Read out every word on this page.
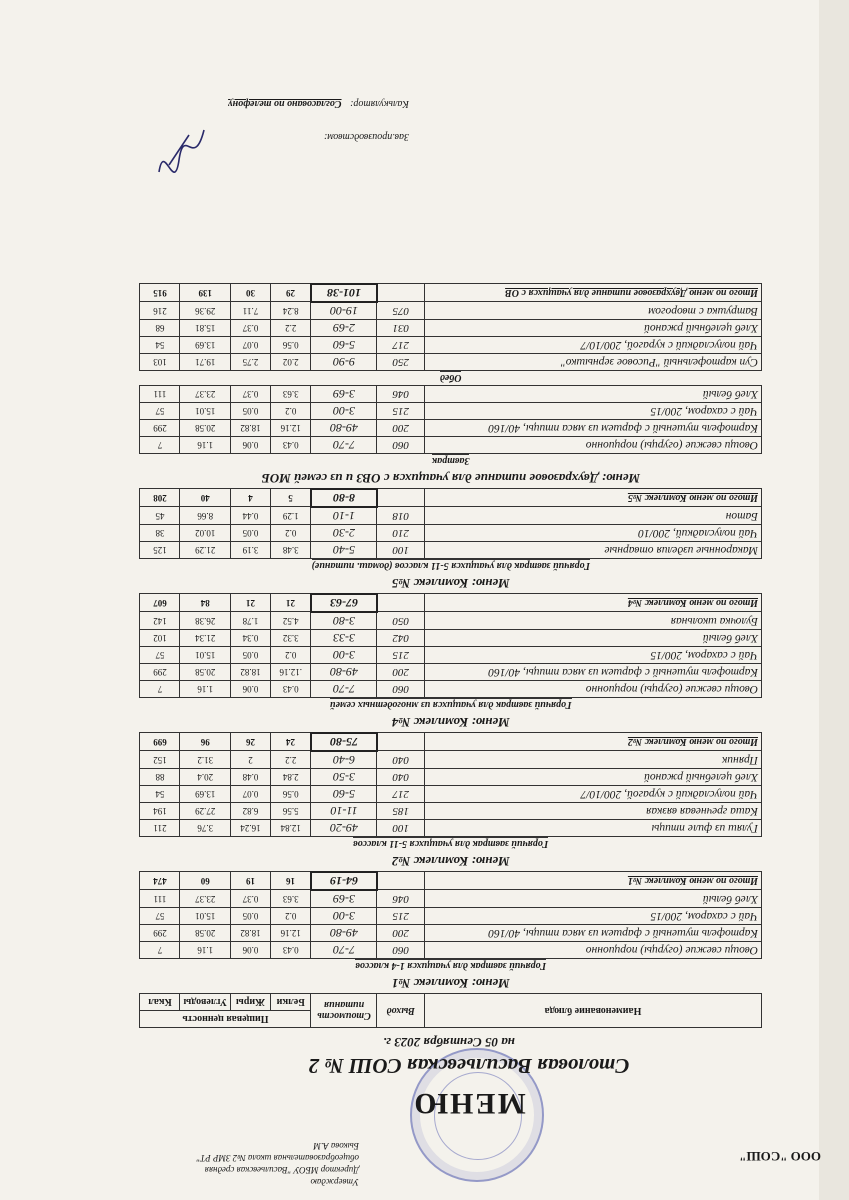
ООО "СОШ"
Утверждаю
Директор МБОУ "Васильевская средняя
общеобразовательная школа №2 ЗМР РТ"
Быкова А.М
МЕНЮ
Столовая Васильевская СОШ № 2
на 05 Сентября 2023 г.
Наименование блюда	Выход	Стоимость питания	Пищевая ценность			
			Белки	Жиры	Углеводы	Ккал
Меню: Комплекс №1						
Горячий завтрак для учащихся 1-4 классов						
Овощи свежие (огурцы) порционно	060	7-70	0.43	0.06	1.16	7
Картофель тушеный с фаршем из мяса птицы, 40/160	200	49-80	12.16	18.82	20.58	299
Чай с сахаром, 200/15	215	3-00	0.2	0.05	15.01	57
Хлеб белый	046	3-69	3.63	0.37	23.37	111
Итого по меню Комплекс №1		64-19	16	19	60	474
Меню: Комплекс №2						
Горячий завтрак для учащихся 5-11 классов						
Гуляш из филе птицы	100	49-20	12.84	16.24	3.76	211
Каша гречневая вязкая	185	11-10	5.56	6.82	27.29	194
Чай полусладкий с курагой, 200/10/7	217	5-60	0.56	0.07	13.69	54
Хлеб целебный ржаной	040	3-50	2.84	0.48	20.4	88
Пряник	040	6-40	2.2	2	31.2	152
Итого по меню Комплекс №2		75-80	24	26	96	699
Меню: Комплекс №4						
Горячий завтрак для учащихся из многодетных семей						
Овощи свежие (огурцы) порционно	060	7-70	0.43	0.06	1.16	7
Картофель тушеный с фаршем из мяса птицы, 40/160	200	49-80	.12.16	18.82	20.58	299
Чай с сахаром, 200/15	215	3-00	0.2	0.05	15.01	57
Хлеб белый	042	3-33	3.32	0.34	21.34	102
Булочка школьная	050	3-80	4.52	1.78	26.38	142
Итого по меню Комплекс №4		67-63	21	21	84	607
Меню: Комплекс №5						
Горячий завтрак для учащихся 5-11 классов (домаш. питание)						
Макаронные изделия отварные	100	5-40	3.48	3.19	21.29	125
Чай полусладкий, 200/10	210	2-30	0.2	0.05	10.02	38
Батон	018	1-10	1.29	0.44	8.66	45
Итого по меню Комплекс №5		8-80	5	4	40	208
Меню: Двухразовое питание для учащихся с ОВЗ и из семей МОБ						
Завтрак						
Овощи свежие (огурцы) порционно	060	7-70	0.43	0.06	1.16	7
Картофель тушеный с фаршем из мяса птицы, 40/160	200	49-80	12.16	18.82	20.58	299
Чай с сахаром, 200/15	215	3-00	0.2	0.05	15.01	57
Хлеб белый	046	3-69	3.63	0.37	23.37	111
Обед						
Суп картофельный "Рисовое зернышко"	250	9-90	2.02	2.75	19.71	103
Чай полусладкий с курагой, 200/10/7	217	5-60	0.56	0.07	13.69	54
Хлеб целебный ржаной	031	2-69	2.2	0.37	15.81	68
Ватрушка с творогом	075	19-00	8.24	7.11	29.36	216
Итого по меню Двухразовое питание для учащихся с ОВ		101-38	29	30	139	915
Зав.производством:
Калькулятор: Согласовано по телефону
